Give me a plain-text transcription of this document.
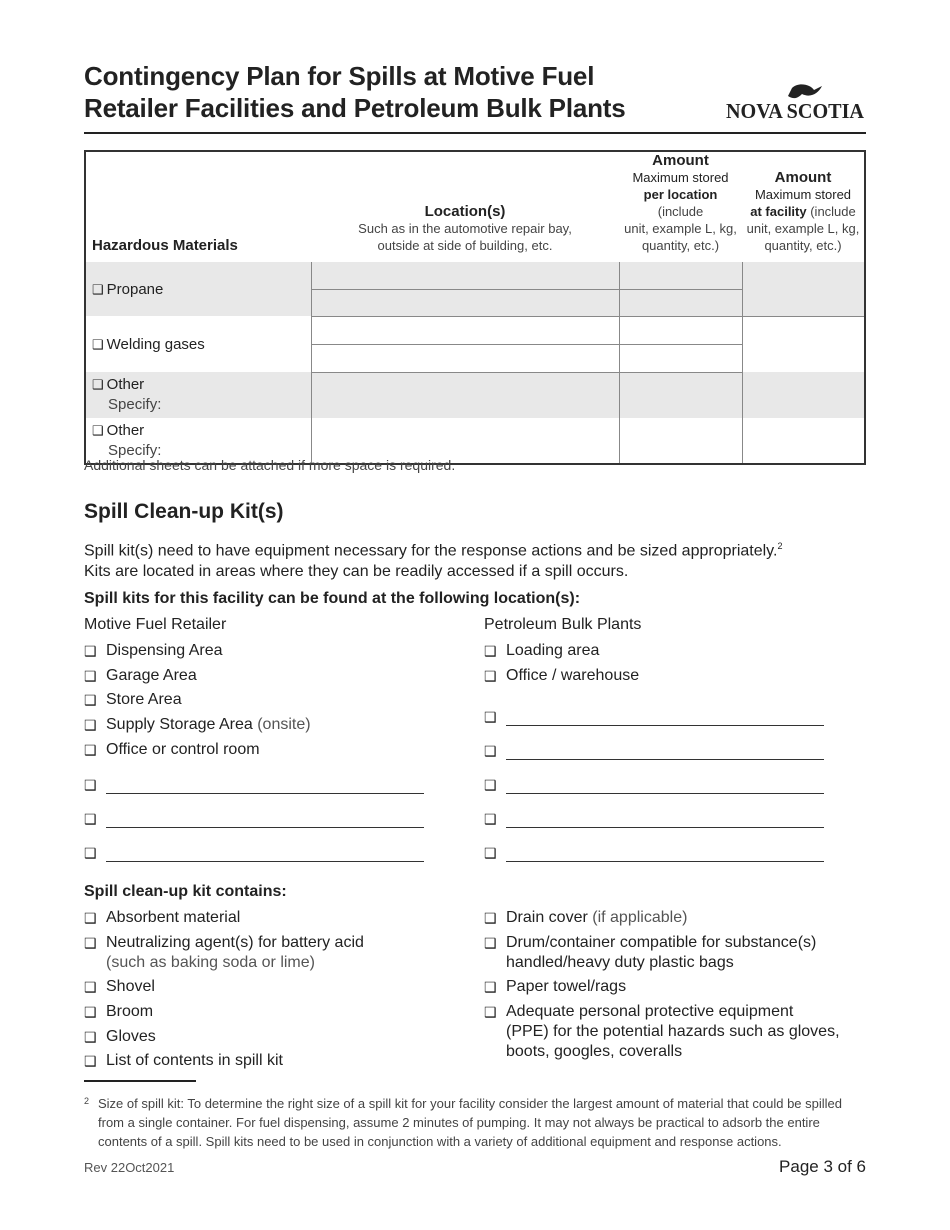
Contingency Plan for Spills at Motive Fuel
Retailer Facilities and Petroleum Bulk Plants	NOVA SCOTIA
Hazardous Materials	Location(s)
Such as in the automotive repair bay,
outside at side of building, etc.	Amount
Maximum stored
per location (include
unit, example L, kg,
quantity, etc.)	Amount
Maximum stored
at facility (include
unit, example L, kg,
quantity, etc.)
❑ Propane			

❑ Welding gases			

❑ Other
Specify:			

❑ Other
Specify:			

Additional sheets can be attached if more space is required.
Spill Clean-up Kit(s)
Spill kit(s) need to have equipment necessary for the response actions and be sized appropriately.$^2$
Kits are located in areas where they can be readily accessed if a spill occurs.
Spill kits for this facility can be found at the following location(s):
Motive Fuel Retailer	Petroleum Bulk Plants
❑ Dispensing Area
❑ Garage Area
❑ Store Area
❑ Supply Storage Area (onsite)
❑ Office or control room
❑
❑
❑
❑ Loading area
❑ Office / warehouse
❑
❑
❑
❑
❑
Spill clean-up kit contains:
❑ Absorbent material
❑ Neutralizing agent(s) for battery acid
(such as baking soda or lime)
❑ Shovel
❑ Broom
❑ Gloves
❑ List of contents in spill kit
❑ Drain cover (if applicable)
❑ Drum/container compatible for substance(s)
handled/heavy duty plastic bags
❑ Paper towel/rags
❑ Adequate personal protective equipment
(PPE) for the potential hazards such as gloves,
boots, googles, coveralls
2 Size of spill kit: To determine the right size of a spill kit for your facility consider the largest amount of material that could be spilled
from a single container. For fuel dispensing, assume 2 minutes of pumping. It may not always be practical to adsorb the entire
contents of a spill. Spill kits need to be used in conjunction with a variety of additional equipment and response actions.
Rev 22Oct2021	Page 3 of 6
